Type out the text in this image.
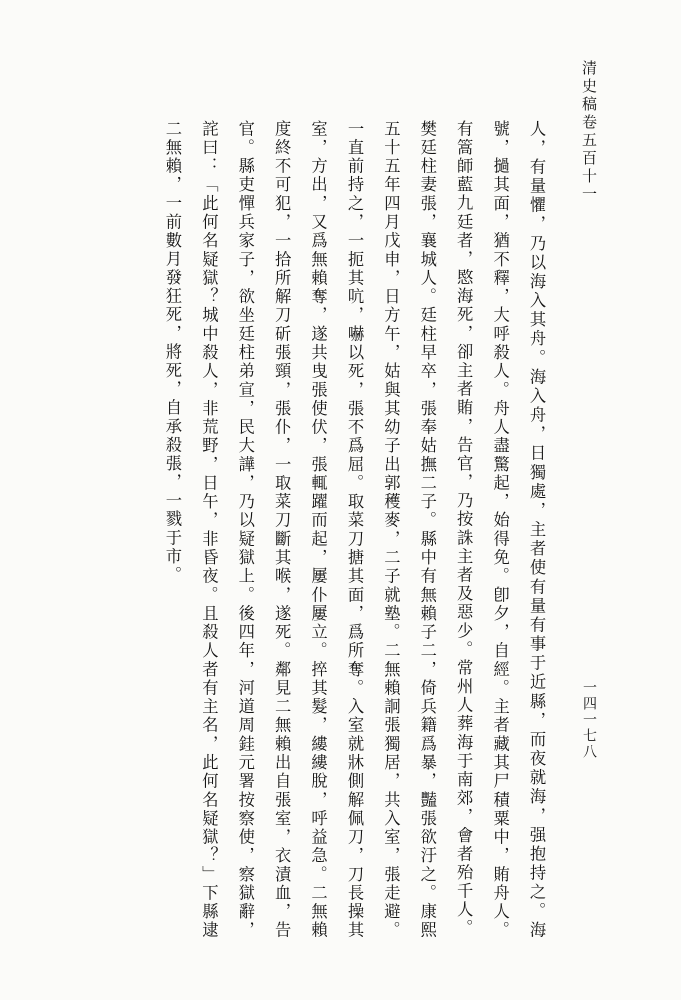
清史稿卷五百十一

人，有量懼，乃以海入其舟。海入舟，日獨處，主者使有量有事于近縣，而夜就海，强抱持之。海號，撾其面，猶不釋，大呼殺人。舟人盡驚起，始得免。卽夕，自經。主者藏其尸積粟中，賄舟人。有篙師藍九廷者，愍海死，卻主者賄，告官，乃按誅主者及惡少。常州人葬海于南郊，會者殆千人。

樊廷柱妻張，襄城人。廷柱早卒，張奉姑撫二子。縣中有無賴子二，倚兵籍爲暴，豔張欲汙之。康熙五十五年四月戊申，日方午，姑與其幼子出郭穫麥，二子就塾。二無賴詗張獨居，共入室，張走避。一直前持之，一扼其吭，嚇以死，張不爲屈。取菜刀搪其面，爲所奪。入室就牀側解佩刀，刀長操其室，方出，又爲無賴奪，遂共曳張使伏，張輒躍而起，屢仆屢立。捽其髮，縷縷脫，呼益急。二無賴度終不可犯，一拾所解刀斫張頸，張仆，一取菜刀斷其喉，遂死。鄰見二無賴出自張室，衣漬血，告官。縣吏憚兵家子，欲坐廷柱弟宣，民大譁，乃以疑獄上。後四年，河道周銈元署按察使，察獄辭，詫曰：「此何名疑獄？城中殺人，非荒野，日午，非昏夜。且殺人者有主名，此何名疑獄？」下縣逮二無賴，一前數月發狂死，將死，自承殺張，一戮于市。

一四一七八
